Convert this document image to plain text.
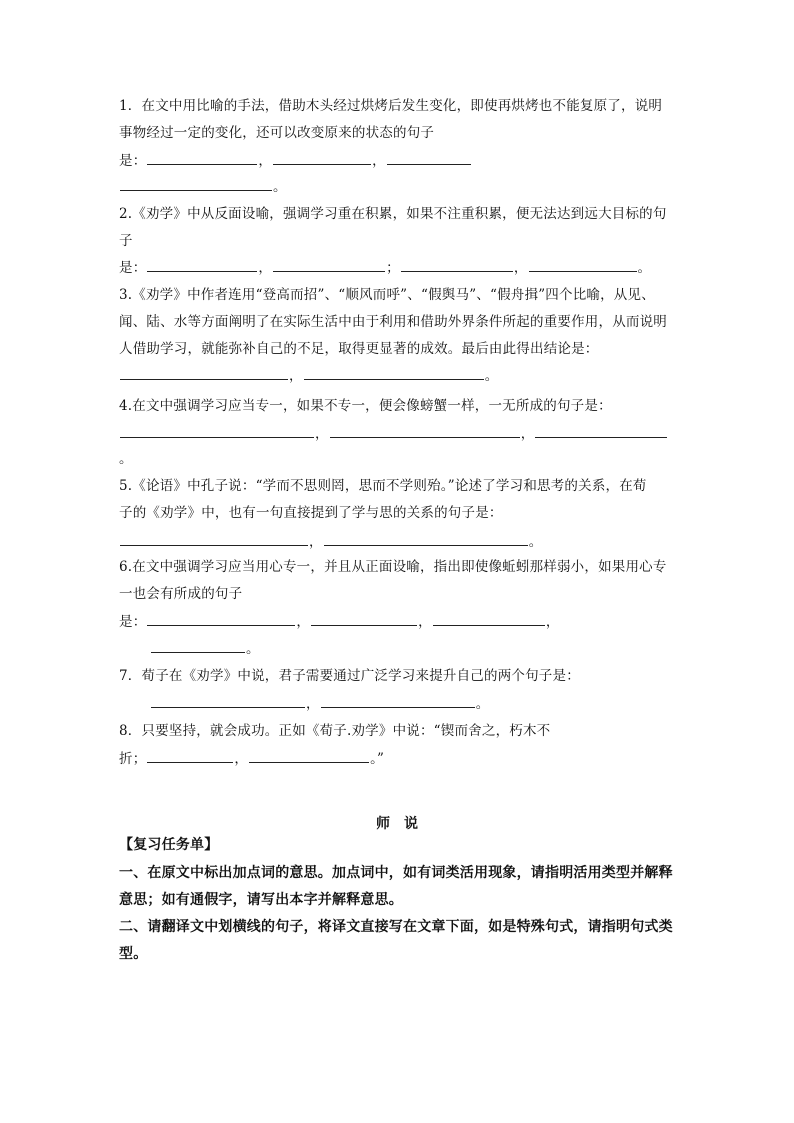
1．在文中用比喻的手法，借助木头经过烘烤后发生变化，即使再烘烤也不能复原了，说明
事物经过一定的变化，还可以改变原来的状态的句子
是：	，	，
。
2.《劝学》中从反面设喻，强调学习重在积累，如果不注重积累，便无法达到远大目标的句
子
是：	，	；	，	。
3.《劝学》中作者连用“登高而招”、“顺风而呼”、“假舆马”、“假舟揖”四个比喻，从见、
闻、陆、水等方面阐明了在实际生活中由于利用和借助外界条件所起的重要作用，从而说明
人借助学习，就能弥补自己的不足，取得更显著的成效。最后由此得出结论是：
，	。
4.在文中强调学习应当专一，如果不专一，便会像螃蟹一样，一无所成的句子是：
，	，
。
5.《论语》中孔子说：“学而不思则罔，思而不学则殆。”论述了学习和思考的关系，在荀
子的《劝学》中，也有一句直接提到了学与思的关系的句子是：
，	。
6.在文中强调学习应当用心专一，并且从正面设喻，指出即使像蚯蚓那样弱小，如果用心专
一也会有所成的句子
是：	，	，	，
。
7．荀子在《劝学》中说，君子需要通过广泛学习来提升自己的两个句子是：
，	。
8．只要坚持，就会成功。正如《荀子.劝学》中说：“锲而舍之，朽木不
折；	，	。”
师说
【复习任务单】
一、在原文中标出加点词的意思。加点词中，如有词类活用现象，请指明活用类型并解释
意思；如有通假字，请写出本字并解释意思。
二、请翻译文中划横线的句子，将译文直接写在文章下面，如是特殊句式，请指明句式类
型。
